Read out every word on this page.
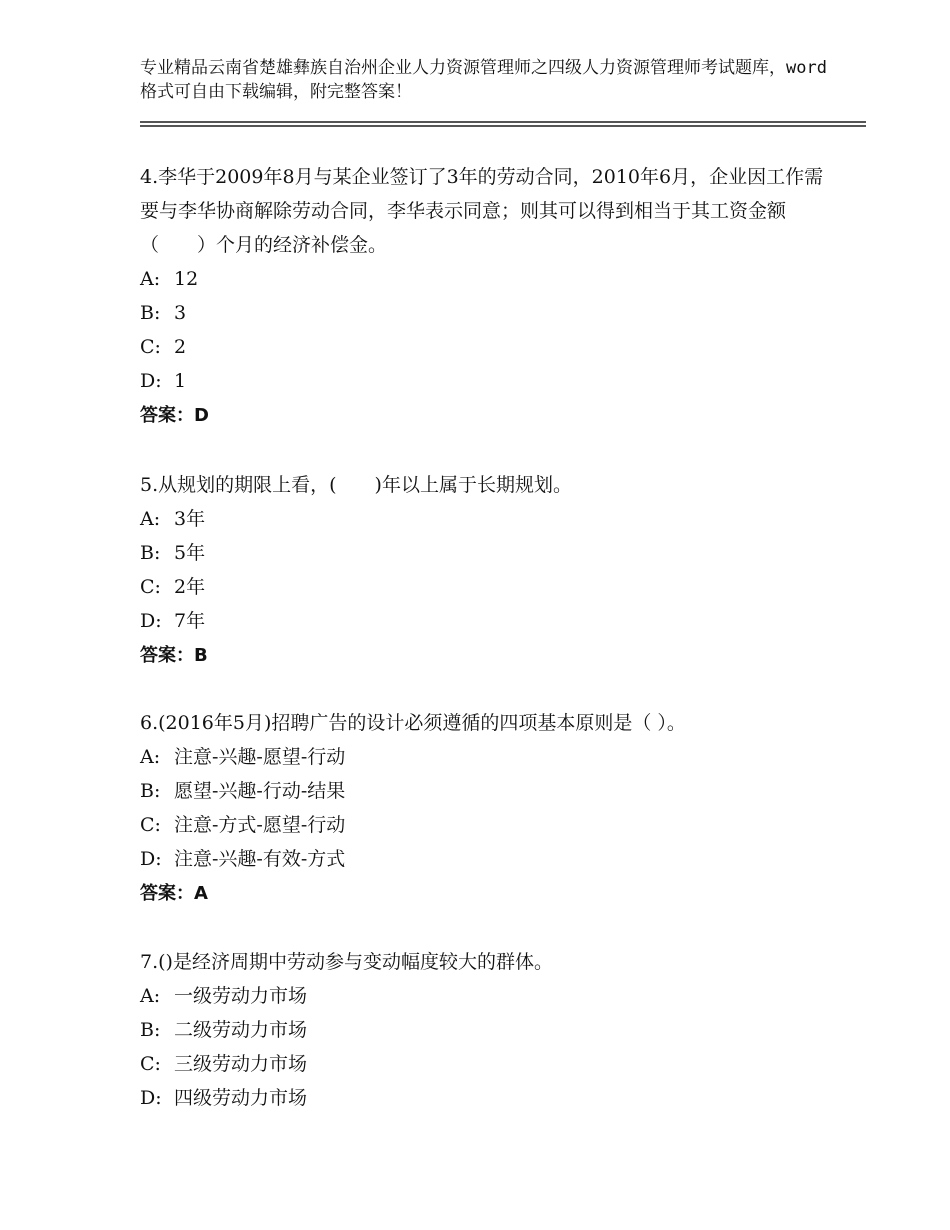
专业精品云南省楚雄彝族自治州企业人力资源管理师之四级人力资源管理师考试题库，word格式可自由下载编辑，附完整答案！

4.李华于2009年8月与某企业签订了3年的劳动合同，2010年6月，企业因工作需要与李华协商解除劳动合同，李华表示同意；则其可以得到相当于其工资金额（　　）个月的经济补偿金。

A: 12
B: 3
C: 2
D: 1
答案：D

5.从规划的期限上看，(　　)年以上属于长期规划。

A: 3年
B: 5年
C: 2年
D: 7年
答案：B

6.(2016年5月)招聘广告的设计必须遵循的四项基本原则是（ ）。

A: 注意-兴趣-愿望-行动
B: 愿望-兴趣-行动-结果
C: 注意-方式-愿望-行动
D: 注意-兴趣-有效-方式
答案：A

7.()是经济周期中劳动参与变动幅度较大的群体。

A: 一级劳动力市场
B: 二级劳动力市场
C: 三级劳动力市场
D: 四级劳动力市场
